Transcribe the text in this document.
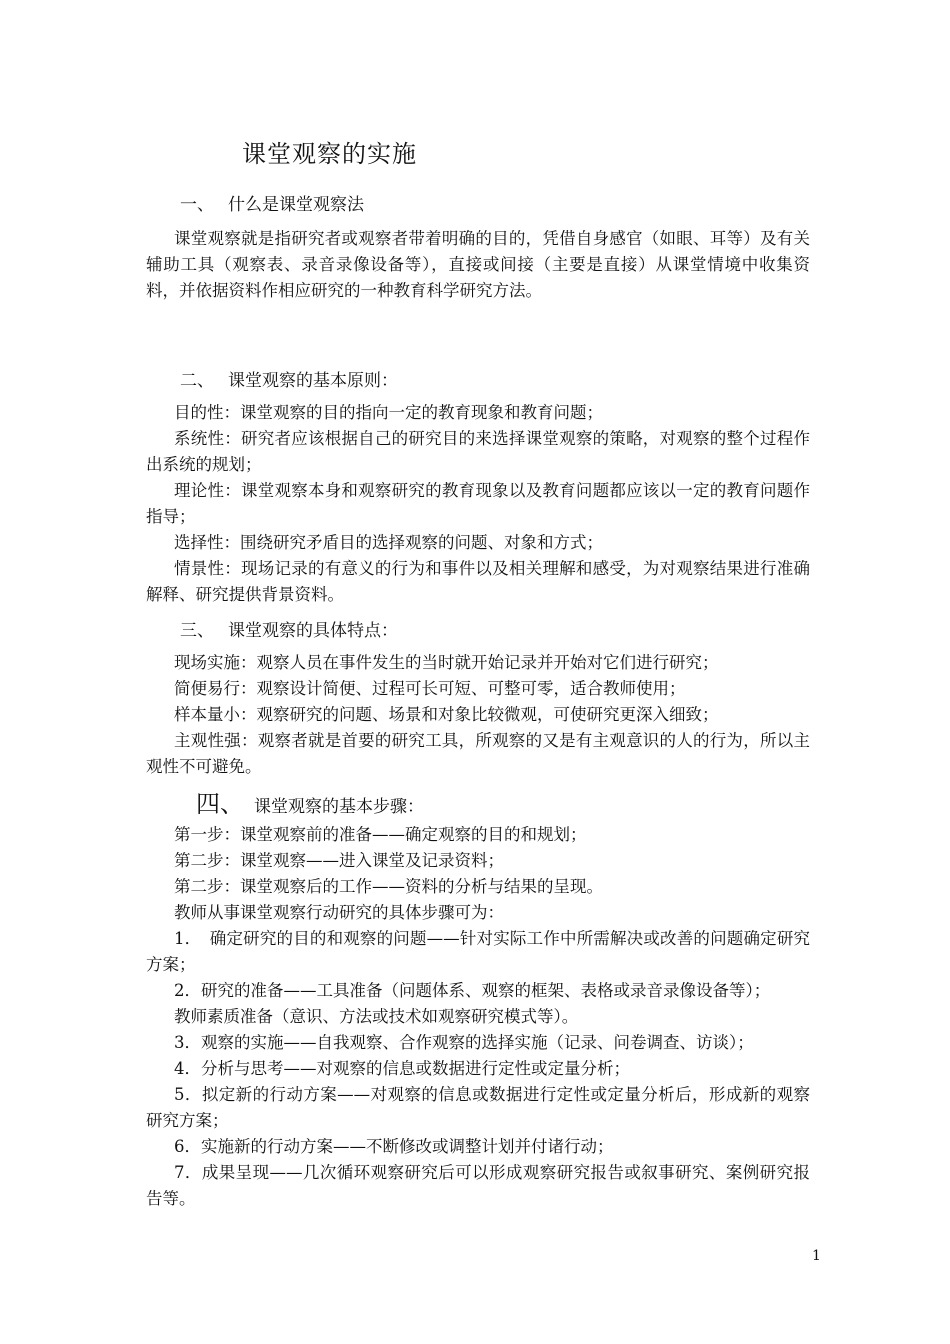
课堂观察的实施
一、 什么是课堂观察法

课堂观察就是指研究者或观察者带着明确的目的，凭借自身感官（如眼、耳等）及有关辅助工具（观察表、录音录像设备等），直接或间接（主要是直接）从课堂情境中收集资料，并依据资料作相应研究的一种教育科学研究方法。

二、 课堂观察的基本原则：

目的性：课堂观察的目的指向一定的教育现象和教育问题；

系统性：研究者应该根据自己的研究目的来选择课堂观察的策略，对观察的整个过程作出系统的规划；

理论性：课堂观察本身和观察研究的教育现象以及教育问题都应该以一定的教育问题作指导；

选择性：围绕研究矛盾目的选择观察的问题、对象和方式；

情景性：现场记录的有意义的行为和事件以及相关理解和感受，为对观察结果进行准确解释、研究提供背景资料。

三、 课堂观察的具体特点：

现场实施：观察人员在事件发生的当时就开始记录并开始对它们进行研究；

简便易行：观察设计简便、过程可长可短、可整可零，适合教师使用；

样本量小：观察研究的问题、场景和对象比较微观，可使研究更深入细致；

主观性强：观察者就是首要的研究工具，所观察的又是有主观意识的人的行为，所以主观性不可避免。

四、 课堂观察的基本步骤：

第一步：课堂观察前的准备——确定观察的目的和规划；

第二步：课堂观察——进入课堂及记录资料；

第二步：课堂观察后的工作——资料的分析与结果的呈现。

教师从事课堂观察行动研究的具体步骤可为：

1．　确定研究的目的和观察的问题——针对实际工作中所需解决或改善的问题确定研究方案；

2．研究的准备——工具准备（问题体系、观察的框架、表格或录音录像设备等）；

教师素质准备（意识、方法或技术如观察研究模式等）。

3．观察的实施——自我观察、合作观察的选择实施（记录、问卷调查、访谈）；

4．分析与思考——对观察的信息或数据进行定性或定量分析；

5．拟定新的行动方案——对观察的信息或数据进行定性或定量分析后，形成新的观察研究方案；

6．实施新的行动方案——不断修改或调整计划并付诸行动；

7．成果呈现——几次循环观察研究后可以形成观察研究报告或叙事研究、案例研究报告等。

1
